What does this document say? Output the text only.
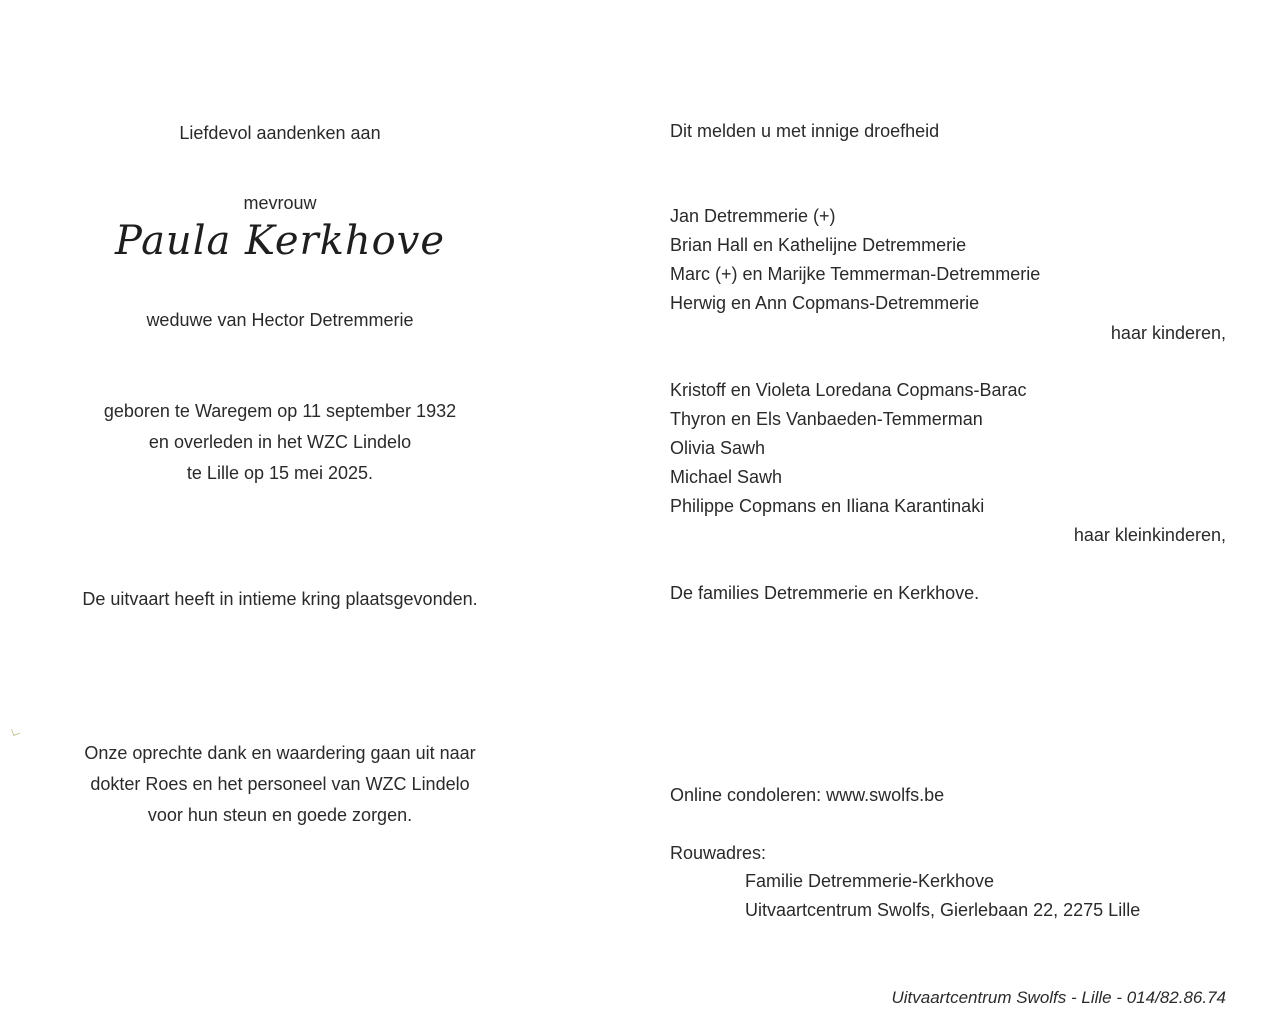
Liefdevol aandenken aan
mevrouw
Paula Kerkhove
weduwe van Hector Detremmerie
geboren te Waregem op 11 september 1932
en overleden in het WZC Lindelo
te Lille op 15 mei 2025.
De uitvaart heeft in intieme kring plaatsgevonden.
Onze oprechte dank en waardering gaan uit naar
dokter Roes en het personeel van WZC Lindelo
voor hun steun en goede zorgen.
Dit melden u met innige droefheid
Jan Detremmerie (+)
Brian Hall en Kathelijne Detremmerie
Marc (+) en Marijke Temmerman-Detremmerie
Herwig en Ann Copmans-Detremmerie
haar kinderen,
Kristoff en Violeta Loredana Copmans-Barac
Thyron en Els Vanbaeden-Temmerman
Olivia Sawh
Michael Sawh
Philippe Copmans en Iliana Karantinaki
haar kleinkinderen,
De families Detremmerie en Kerkhove.
Online condoleren: www.swolfs.be
Rouwadres:
Familie Detremmerie-Kerkhove
Uitvaartcentrum Swolfs, Gierlebaan 22, 2275 Lille
Uitvaartcentrum Swolfs - Lille - 014/82.86.74
